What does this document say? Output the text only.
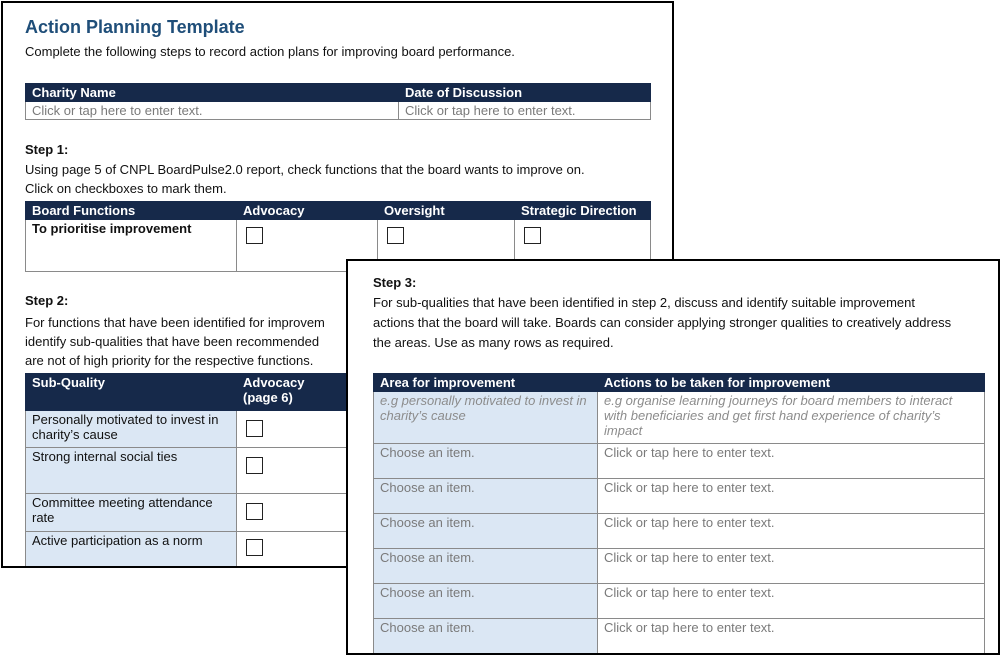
Action Planning Template
Complete the following steps to record action plans for improving board performance.
Charity Name	Date of Discussion
Click or tap here to enter text.	Click or tap here to enter text.
Step 1:
Using page 5 of CNPL BoardPulse2.0 report, check functions that the board wants to improve on.
Click on checkboxes to mark them.
Board Functions	Advocacy	Oversight	Strategic Direction
To prioritise improvement			
Step 2:
For functions that have been identified for improvem
identify sub-qualities that have been recommended
are not of high priority for the respective functions.
Sub-Quality	Advocacy
(page 6)
Personally motivated to invest in charity’s cause	
Strong internal social ties	
Committee meeting attendance rate	
Active participation as a norm	
Step 3:
For sub-qualities that have been identified in step 2, discuss and identify suitable improvement
actions that the board will take. Boards can consider applying stronger qualities to creatively address
the areas. Use as many rows as required.
Area for improvement	Actions to be taken for improvement
e.g personally motivated to invest in charity’s cause	e.g organise learning journeys for board members to interact with beneficiaries and get first hand experience of charity’s impact
Choose an item.	Click or tap here to enter text.
Choose an item.	Click or tap here to enter text.
Choose an item.	Click or tap here to enter text.
Choose an item.	Click or tap here to enter text.
Choose an item.	Click or tap here to enter text.
Choose an item.	Click or tap here to enter text.
